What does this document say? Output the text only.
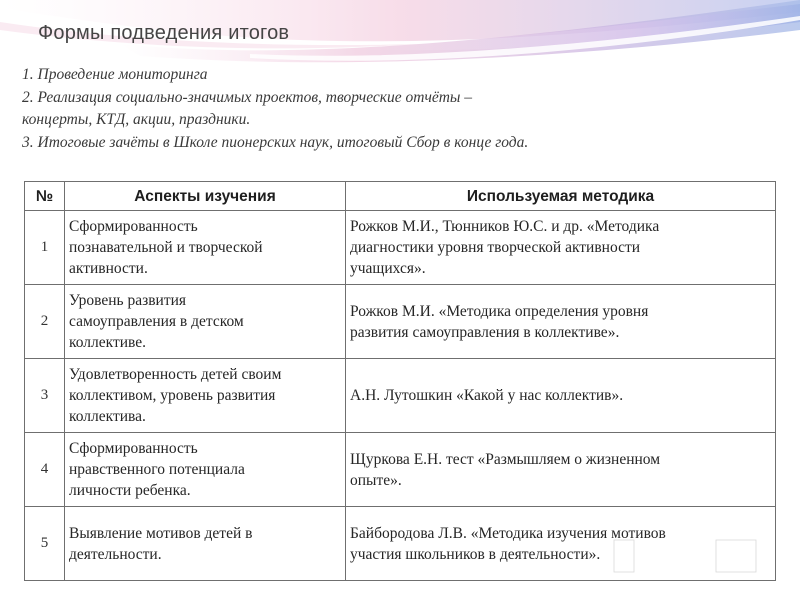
Формы подведения итогов
1. Проведение мониторинга
2. Реализация социально-значимых проектов, творческие отчёты –
концерты, КТД, акции, праздники.
3. Итоговые зачёты в Школе пионерских наук, итоговый Сбор в конце года.
№	Аспекты изучения	Используемая методика
1	Сформированность
познавательной и творческой
активности.	Рожков М.И., Тюнников Ю.С. и др. «Методика
диагностики уровня творческой активности
учащихся».

2	Уровень развития
самоуправления в детском
коллективе.	Рожков М.И. «Методика определения уровня
развития самоуправления в коллективе».

3	Удовлетворенность детей своим
коллективом, уровень развития
коллектива.	А.Н. Лутошкин «Какой у нас коллектив».

4	Сформированность
нравственного потенциала
личности ребенка.	Щуркова Е.Н. тест «Размышляем о жизненном
опыте».

5	Выявление мотивов детей в
деятельности.	Байбородова Л.В. «Методика изучения мотивов
участия школьников в деятельности».
